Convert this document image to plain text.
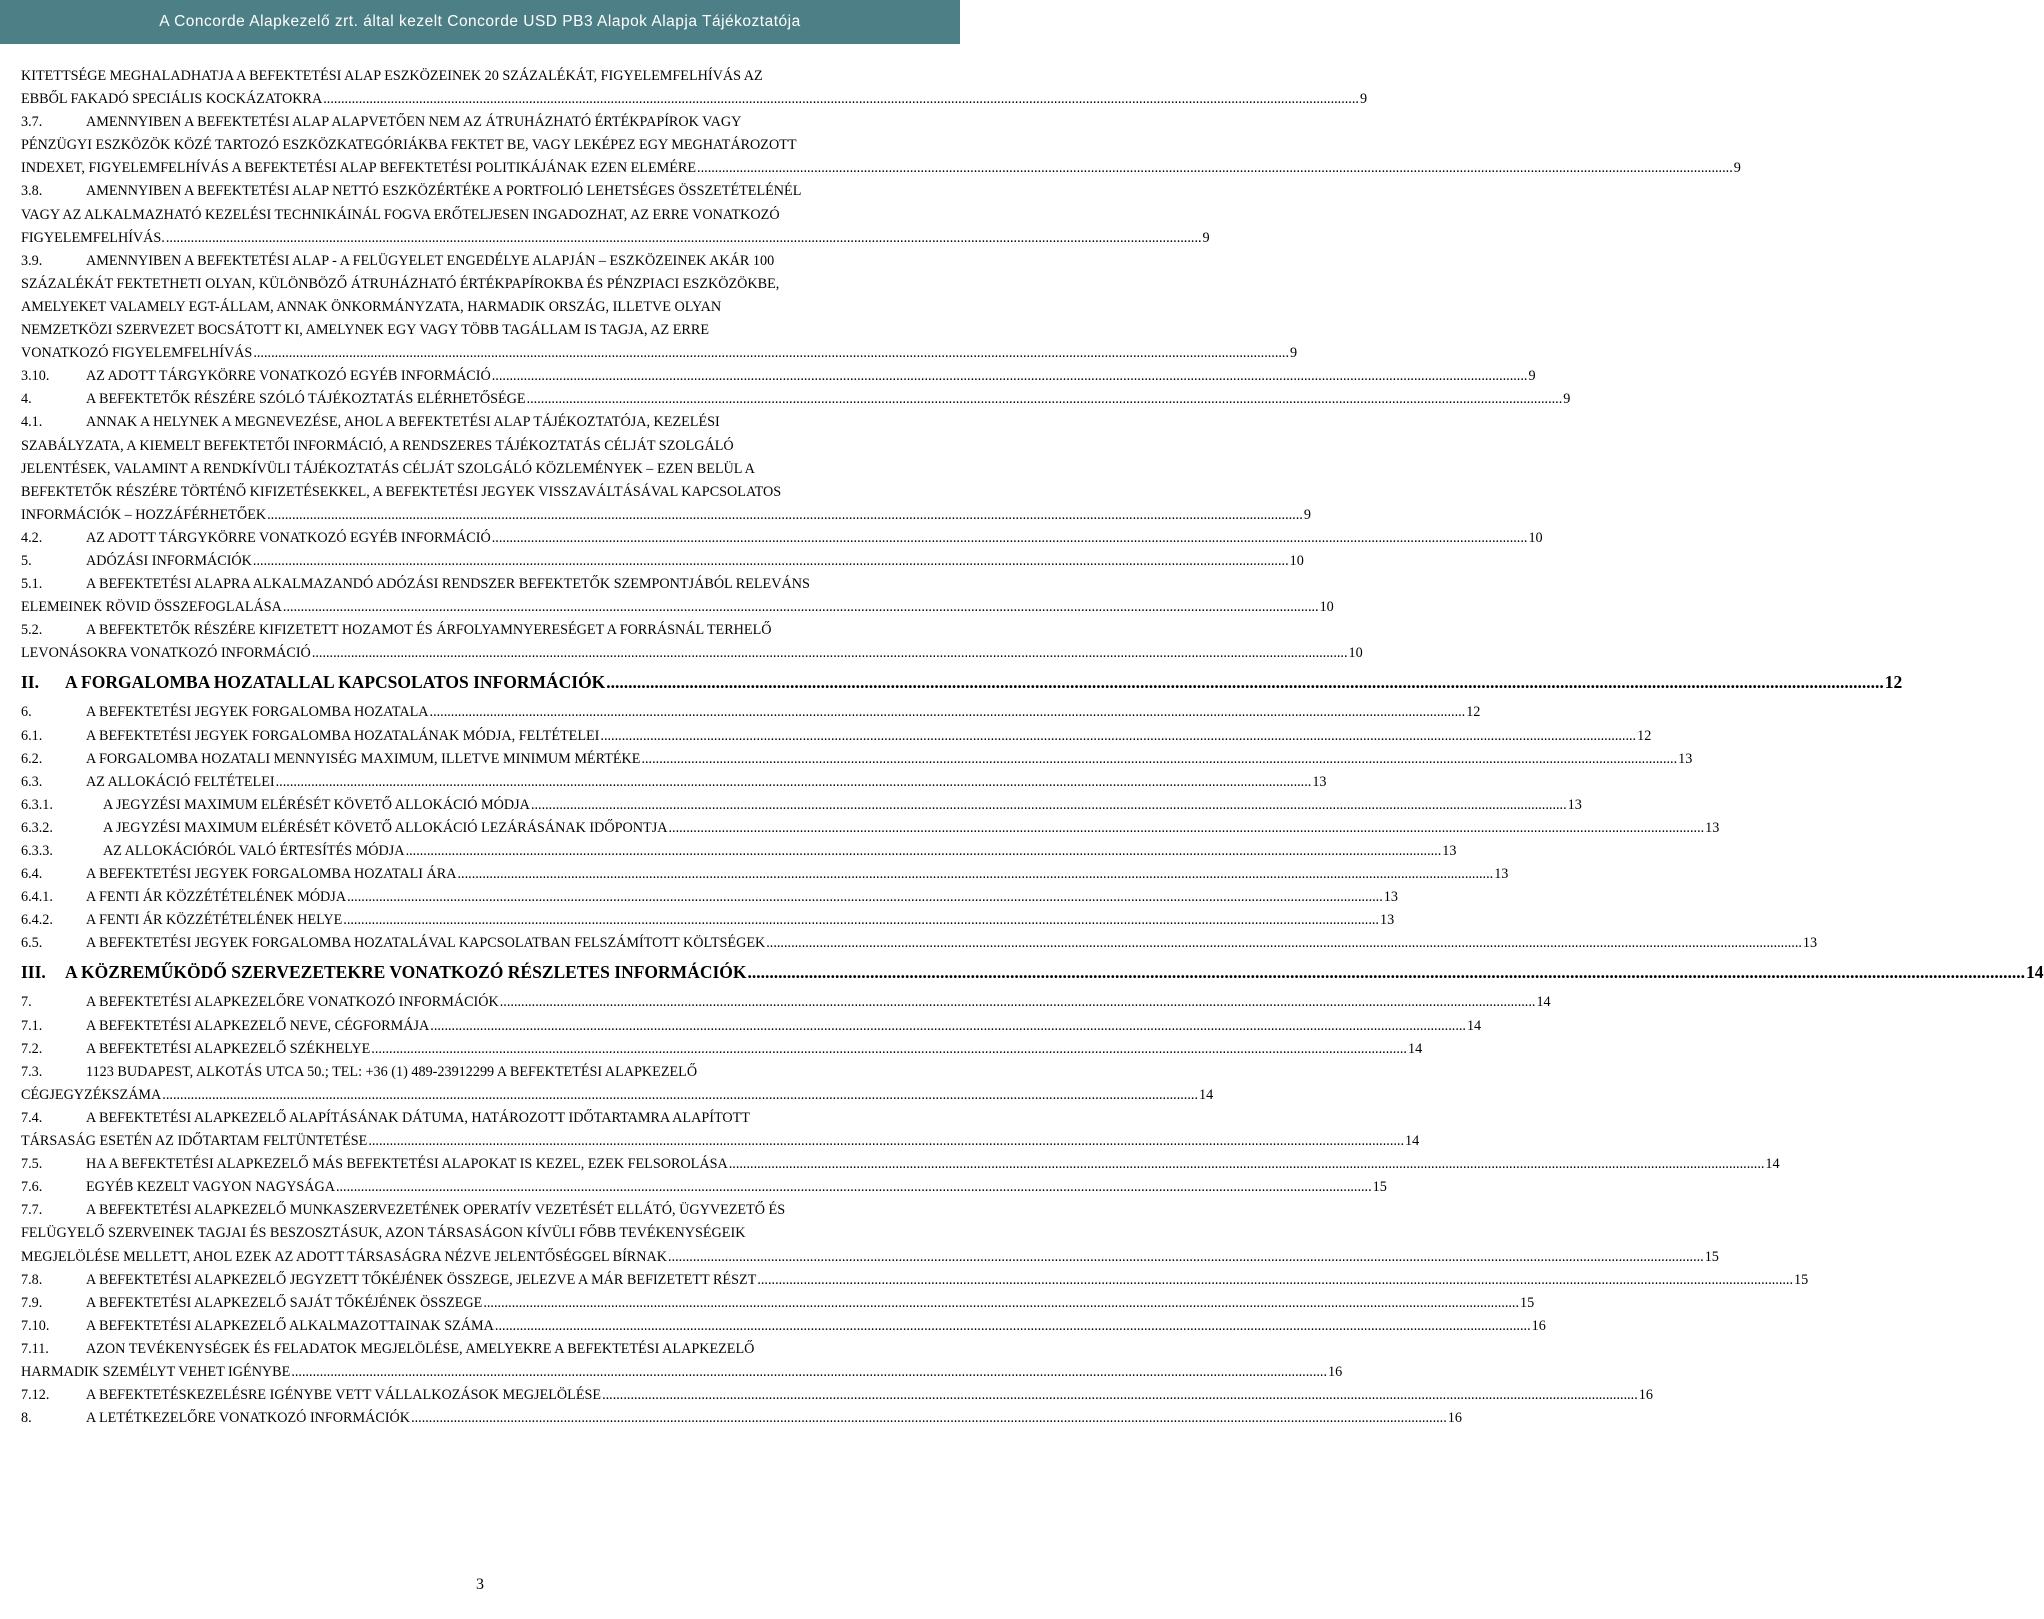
A Concorde Alapkezelő zrt. által kezelt Concorde USD PB3 Alapok Alapja Tájékoztatója
KITETTSÉGE MEGHALADHATJA A BEFEKTETÉSI ALAP ESZKÖZEINEK 20 SZÁZALÉKÁT, FIGYELEMFELHÍVÁS AZ
EBBŐL FAKADÓ SPECIÁLIS KOCKÁZATOKRA .....	9
3.7.	AMENNYIBEN A BEFEKTETÉSI ALAP ALAPVETŐEN NEM AZ ÁTRUHÁZHATÓ ÉRTÉKPAPÍROK VAGY
PÉNZÜGYI ESZKÖZÖK KÖZÉ TARTOZÓ ESZKÖZKATEGÓRIÁKBA FEKTET BE, VAGY LEKÉPEZ EGY MEGHATÁROZOTT
INDEXET, FIGYELEMFELHÍVÁS A BEFEKTETÉSI ALAP BEFEKTETÉSI POLITIKÁJÁNAK EZEN ELEMÉRE .....	9
3.8.	AMENNYIBEN A BEFEKTETÉSI ALAP NETTÓ ESZKÖZÉRTÉKE A PORTFOLIÓ LEHETSÉGES ÖSSZETÉTELÉNÉL
VAGY AZ ALKALMAZHATÓ KEZELÉSI TECHNIKÁINÁL FOGVA ERŐTELJESEN INGADOZHAT, AZ ERRE VONATKOZÓ
FIGYELEMFELHÍVÁS. .....	9
3.9.	AMENNYIBEN A BEFEKTETÉSI ALAP - A FELÜGYELET ENGEDÉLYE ALAPJÁN – ESZKÖZEINEK AKÁR 100
SZÁZALÉKÁT FEKTETHETI OLYAN, KÜLÖNBÖZŐ ÁTRUHÁZHATÓ ÉRTÉKPAPÍROKBA ÉS PÉNZPIACI ESZKÖZÖKBE,
AMELYEKET VALAMELY EGT-ÁLLAM, ANNAK ÖNKORMÁNYZATA, HARMADIK ORSZÁG, ILLETVE OLYAN
NEMZETKÖZI SZERVEZET BOCSÁTOTT KI, AMELYNEK EGY VAGY TÖBB TAGÁLLAM IS TAGJA, AZ ERRE
VONATKOZÓ FIGYELEMFELHÍVÁS .....	9
3.10.	AZ ADOTT TÁRGYKÖRRE VONATKOZÓ EGYÉB INFORMÁCIÓ .....	9
4.	A BEFEKTETŐK RÉSZÉRE SZÓLÓ TÁJÉKOZTATÁS ELÉRHETŐSÉGE .....	9
4.1.	ANNAK A HELYNEK A MEGNEVEZÉSE, AHOL A BEFEKTETÉSI ALAP TÁJÉKOZTATÓJA, KEZELÉSI
SZABÁLYZATA, A KIEMELT BEFEKTETŐI INFORMÁCIÓ, A RENDSZERES TÁJÉKOZTATÁS CÉLJÁT SZOLGÁLÓ
JELENTÉSEK, VALAMINT A RENDKÍVÜLI TÁJÉKOZTATÁS CÉLJÁT SZOLGÁLÓ KÖZLEMÉNYEK – EZEN BELÜL A
BEFEKTETŐK RÉSZÉRE TÖRTÉNŐ KIFIZETÉSEKKEL, A BEFEKTETÉSI JEGYEK VISSZAVÁLTÁSÁVAL KAPCSOLATOS
INFORMÁCIÓK – HOZZÁFÉRHETŐEK .....	9
4.2.	AZ ADOTT TÁRGYKÖRRE VONATKOZÓ EGYÉB INFORMÁCIÓ .....	10
5.	ADÓZÁSI INFORMÁCIÓK .....	10
5.1.	A BEFEKTETÉSI ALAPRA ALKALMAZANDÓ ADÓZÁSI RENDSZER BEFEKTETŐK SZEMPONTJÁBÓL RELEVÁNS
ELEMEINEK RÖVID ÖSSZEFOGLALÁSA .....	10
5.2.	A BEFEKTETŐK RÉSZÉRE KIFIZETETT HOZAMOT ÉS ÁRFOLYAMNYERESÉGET A FORRÁSNÁL TERHELŐ
LEVONÁSOKRA VONATKOZÓ INFORMÁCIÓ .....	10
II.	A FORGALOMBA HOZATALLAL KAPCSOLATOS INFORMÁCIÓK .....	12
6.	A BEFEKTETÉSI JEGYEK FORGALOMBA HOZATALA .....	12
6.1.	A BEFEKTETÉSI JEGYEK FORGALOMBA HOZATALÁNAK MÓDJA, FELTÉTELEI .....	12
6.2.	A FORGALOMBA HOZATALI MENNYISÉG MAXIMUM, ILLETVE MINIMUM MÉRTÉKE .....	13
6.3.	AZ ALLOKÁCIÓ FELTÉTELEI .....	13
6.3.1.	A JEGYZÉSI MAXIMUM ELÉRÉSÉT KÖVETŐ ALLOKÁCIÓ MÓDJA .....	13
6.3.2.	A JEGYZÉSI MAXIMUM ELÉRÉSÉT KÖVETŐ ALLOKÁCIÓ LEZÁRÁSÁNAK IDŐPONTJA .....	13
6.3.3.	AZ ALLOKÁCIÓRÓL VALÓ ÉRTESÍTÉS MÓDJA .....	13
6.4.	A BEFEKTETÉSI JEGYEK FORGALOMBA HOZATALI ÁRA .....	13
6.4.1.	A FENTI ÁR KÖZZÉTÉTELÉNEK MÓDJA .....	13
6.4.2.	A FENTI ÁR KÖZZÉTÉTELÉNEK HELYE .....	13
6.5.	A BEFEKTETÉSI JEGYEK FORGALOMBA HOZATALÁVAL KAPCSOLATBAN FELSZÁMÍTOTT KÖLTSÉGEK .....	13
III.	A KÖZREMŰKÖDŐ SZERVEZETEKRE VONATKOZÓ RÉSZLETES INFORMÁCIÓK .....	14
7.	A BEFEKTETÉSI ALAPKEZELŐRE VONATKOZÓ INFORMÁCIÓK .....	14
7.1.	A BEFEKTETÉSI ALAPKEZELŐ NEVE, CÉGFORMÁJA .....	14
7.2.	A BEFEKTETÉSI ALAPKEZELŐ SZÉKHELYE .....	14
7.3.	1123 BUDAPEST, ALKOTÁS UTCA 50.; TEL: +36 (1) 489-23912299 A BEFEKTETÉSI ALAPKEZELŐ
CÉGJEGYZÉKSZÁMA .....	14
7.4.	A BEFEKTETÉSI ALAPKEZELŐ ALAPÍTÁSÁNAK DÁTUMA, HATÁROZOTT IDŐTARTAMRA ALAPÍTOTT
TÁRSASÁG ESETÉN AZ IDŐTARTAM FELTÜNTETÉSE .....	14
7.5.	HA A BEFEKTETÉSI ALAPKEZELŐ MÁS BEFEKTETÉSI ALAPOKAT IS KEZEL, EZEK FELSOROLÁSA .....	14
7.6.	EGYÉB KEZELT VAGYON NAGYSÁGA .....	15
7.7.	A BEFEKTETÉSI ALAPKEZELŐ MUNKASZERVEZETÉNEK OPERATÍV VEZETÉSÉT ELLÁTÓ, ÜGYVEZETŐ ÉS
FELÜGYELŐ SZERVEINEK TAGJAI ÉS BESZOSZTÁSUK, AZON TÁRSASÁGON KÍVÜLI FŐBB TEVÉKENYSÉGEIK
MEGJELÖLÉSE MELLETT, AHOL EZEK AZ ADOTT TÁRSASÁGRA NÉZVE JELENTŐSÉGGEL BÍRNAK .....	15
7.8.	A BEFEKTETÉSI ALAPKEZELŐ JEGYZETT TŐKÉJÉNEK ÖSSZEGE, JELEZVE A MÁR BEFIZETETT RÉSZT .....	15
7.9.	A BEFEKTETÉSI ALAPKEZELŐ SAJÁT TŐKÉJÉNEK ÖSSZEGE .....	15
7.10.	A BEFEKTETÉSI ALAPKEZELŐ ALKALMAZOTTAINAK SZÁMA .....	16
7.11.	AZON TEVÉKENYSÉGEK ÉS FELADATOK MEGJELÖLÉSE, AMELYEKRE A BEFEKTETÉSI ALAPKEZELŐ
HARMADIK SZEMÉLYT VEHET IGÉNYBE .....	16
7.12.	A BEFEKTETÉSKEZELÉSRE IGÉNYBE VETT VÁLLALKOZÁSOK MEGJELÖLÉSE .....	16
8.	A LETÉTKEZELŐRE VONATKOZÓ INFORMÁCIÓK .....	16
3
